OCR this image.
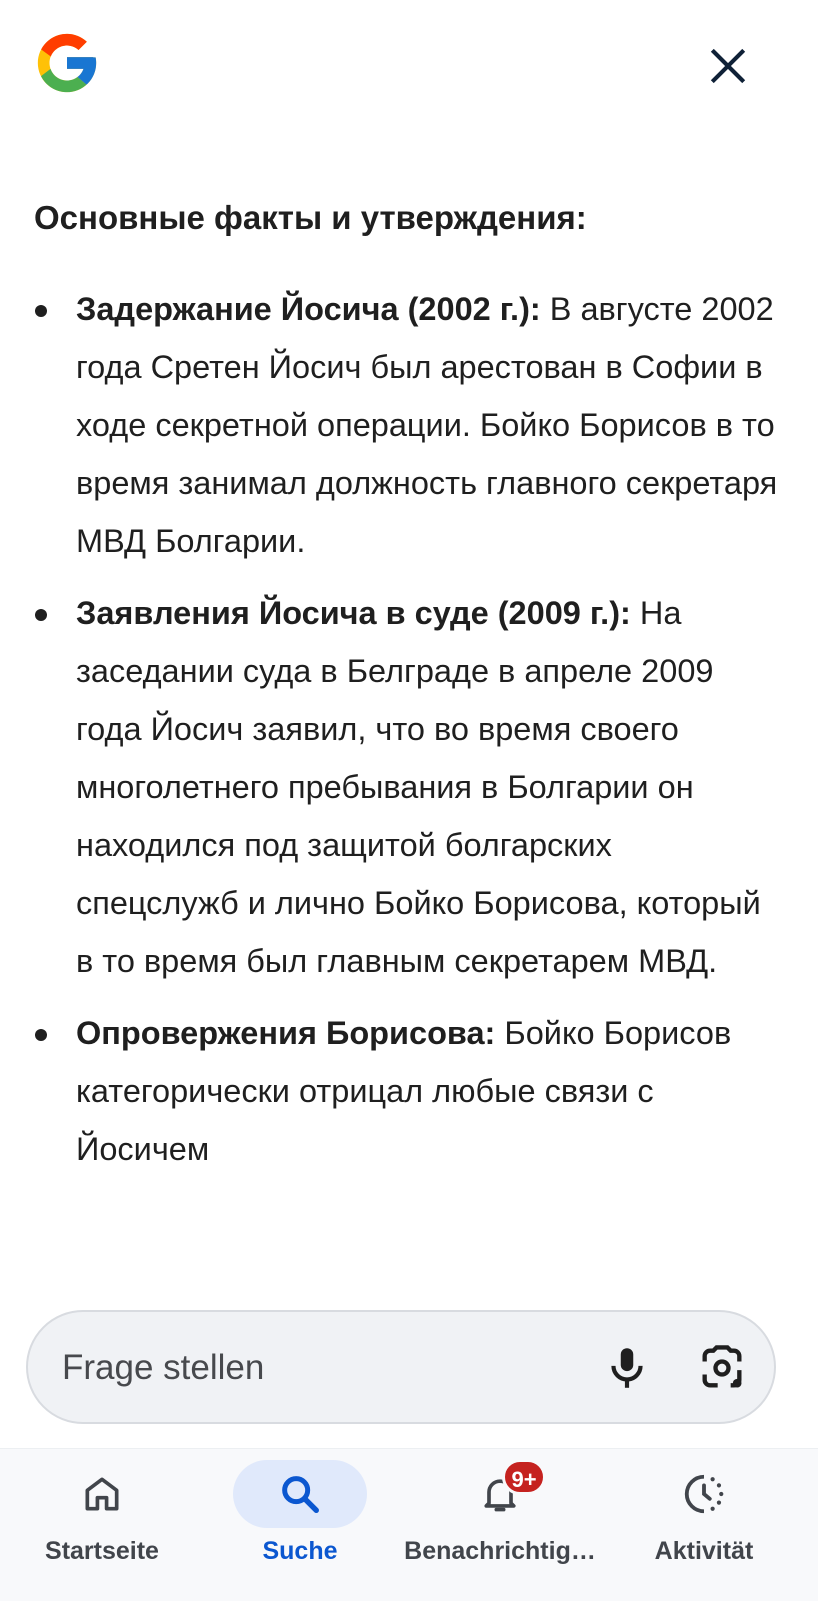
Основные факты и утверждения:
Задержание Йосича (2002 г.): В августе 2002 года Сретен Йосич был арестован в Софии в ходе секретной операции. Бойко Борисов в то время занимал должность главного секретаря МВД Болгарии.
Заявления Йосича в суде (2009 г.): На заседании суда в Белграде в апреле 2009 года Йосич заявил, что во время своего многолетнего пребывания в Болгарии он находился под защитой болгарских спецслужб и лично Бойко Борисова, который в то время был главным секретарем МВД.
Опровержения Борисова: Бойко Борисов категорически отрицал любые связи с Йосичем
Frage stellen
Startseite	Suche
9+
Benachrichtig…	Aktivität
